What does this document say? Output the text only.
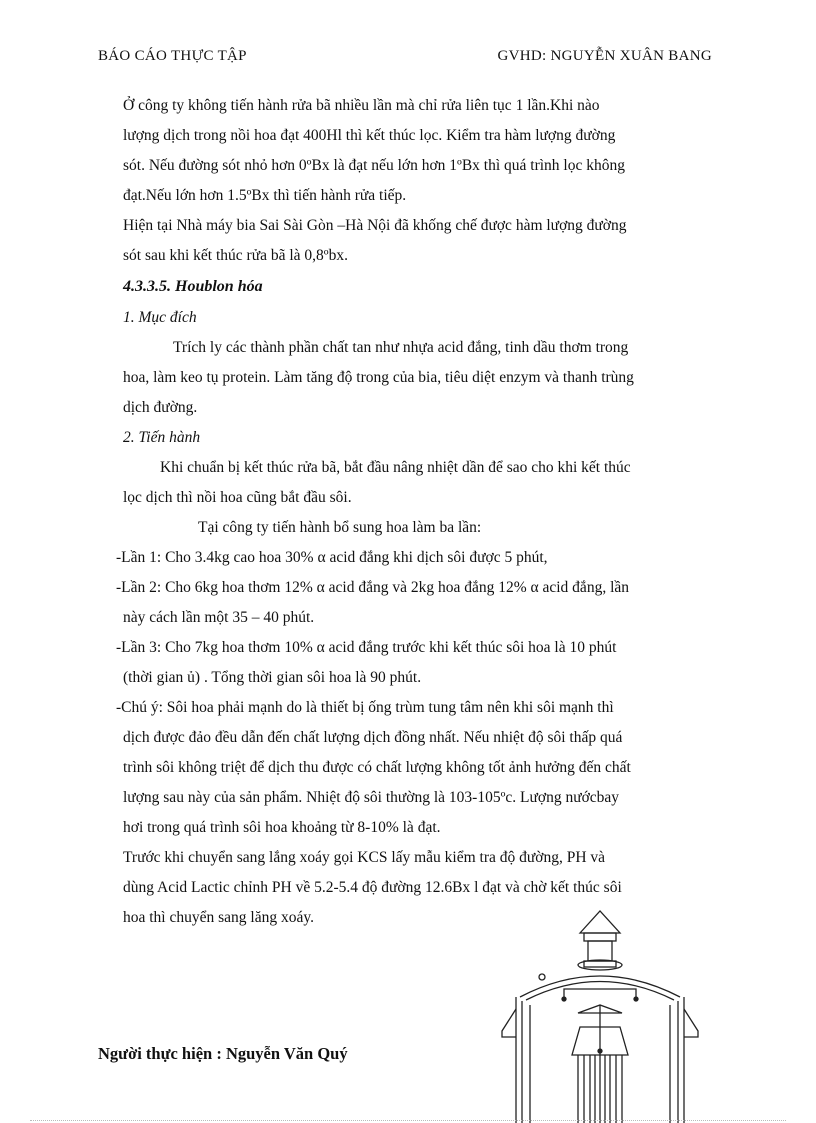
BÁO CÁO THỰC TẬP	GVHD: NGUYỄN XUÂN BANG
Ở công ty không tiến hành rửa bã nhiều lần mà chỉ rửa liên tục 1 lần.Khi nào
lượng dịch trong nồi hoa đạt 400Hl thì kết thúc lọc. Kiểm tra hàm lượng đường
sót. Nếu đường sót nhỏ hơn 0ºBx là đạt nếu lớn hơn 1ºBx thì quá trình lọc không
đạt.Nếu lớn hơn 1.5ºBx thì tiến hành rửa tiếp.
Hiện tại Nhà máy bia Sai Sài Gòn –Hà Nội đã khống chế được hàm lượng đường
sót sau khi kết thúc rửa bã là 0,8ºbx.
4.3.3.5. Houblon hóa
1. Mục đích
Trích ly các thành phần chất tan như nhựa acid đắng, tinh dầu thơm trong
hoa, làm keo tụ protein. Làm tăng độ trong của bia, tiêu diệt enzym và thanh trùng
dịch đường.
2. Tiến hành
Khi chuẩn bị kết thúc rửa bã, bắt đầu nâng nhiệt dần để sao cho khi kết thúc
lọc dịch thì nồi hoa cũng bắt đầu sôi.
Tại công ty tiến hành bổ sung hoa làm ba lần:
-Lần 1: Cho 3.4kg cao hoa 30% α acid đắng khi dịch sôi được 5 phút,
-Lần 2: Cho 6kg hoa thơm 12% α acid đắng và 2kg hoa đắng 12% α acid đắng, lần
này cách lần một 35 – 40 phút.
-Lần 3: Cho 7kg hoa thơm 10% α acid đắng trước khi kết thúc sôi hoa là 10 phút
(thời gian ủ) . Tổng thời gian sôi hoa là 90 phút.
-Chú ý: Sôi hoa phải mạnh do là thiết bị ống trùm tung tâm nên khi sôi mạnh thì
dịch được đảo đều dẫn đến chất lượng dịch đồng nhất. Nếu nhiệt độ sôi thấp quá
trình sôi không triệt để dịch thu được có chất lượng không tốt ảnh hưởng đến chất
lượng sau này của sản phẩm. Nhiệt độ sôi thường là 103-105ºc. Lượng nướcbay
hơi trong quá trình sôi hoa khoảng từ 8-10% là đạt.
Trước khi chuyển sang lắng xoáy gọi KCS lấy mẫu kiểm tra độ đường, PH và
dùng Acid Lactic chỉnh PH về 5.2-5.4 độ đường 12.6Bx l đạt và chờ kết thúc sôi
hoa thì chuyển sang lăng xoáy.
Người thực hiện : Nguyễn Văn Quý
